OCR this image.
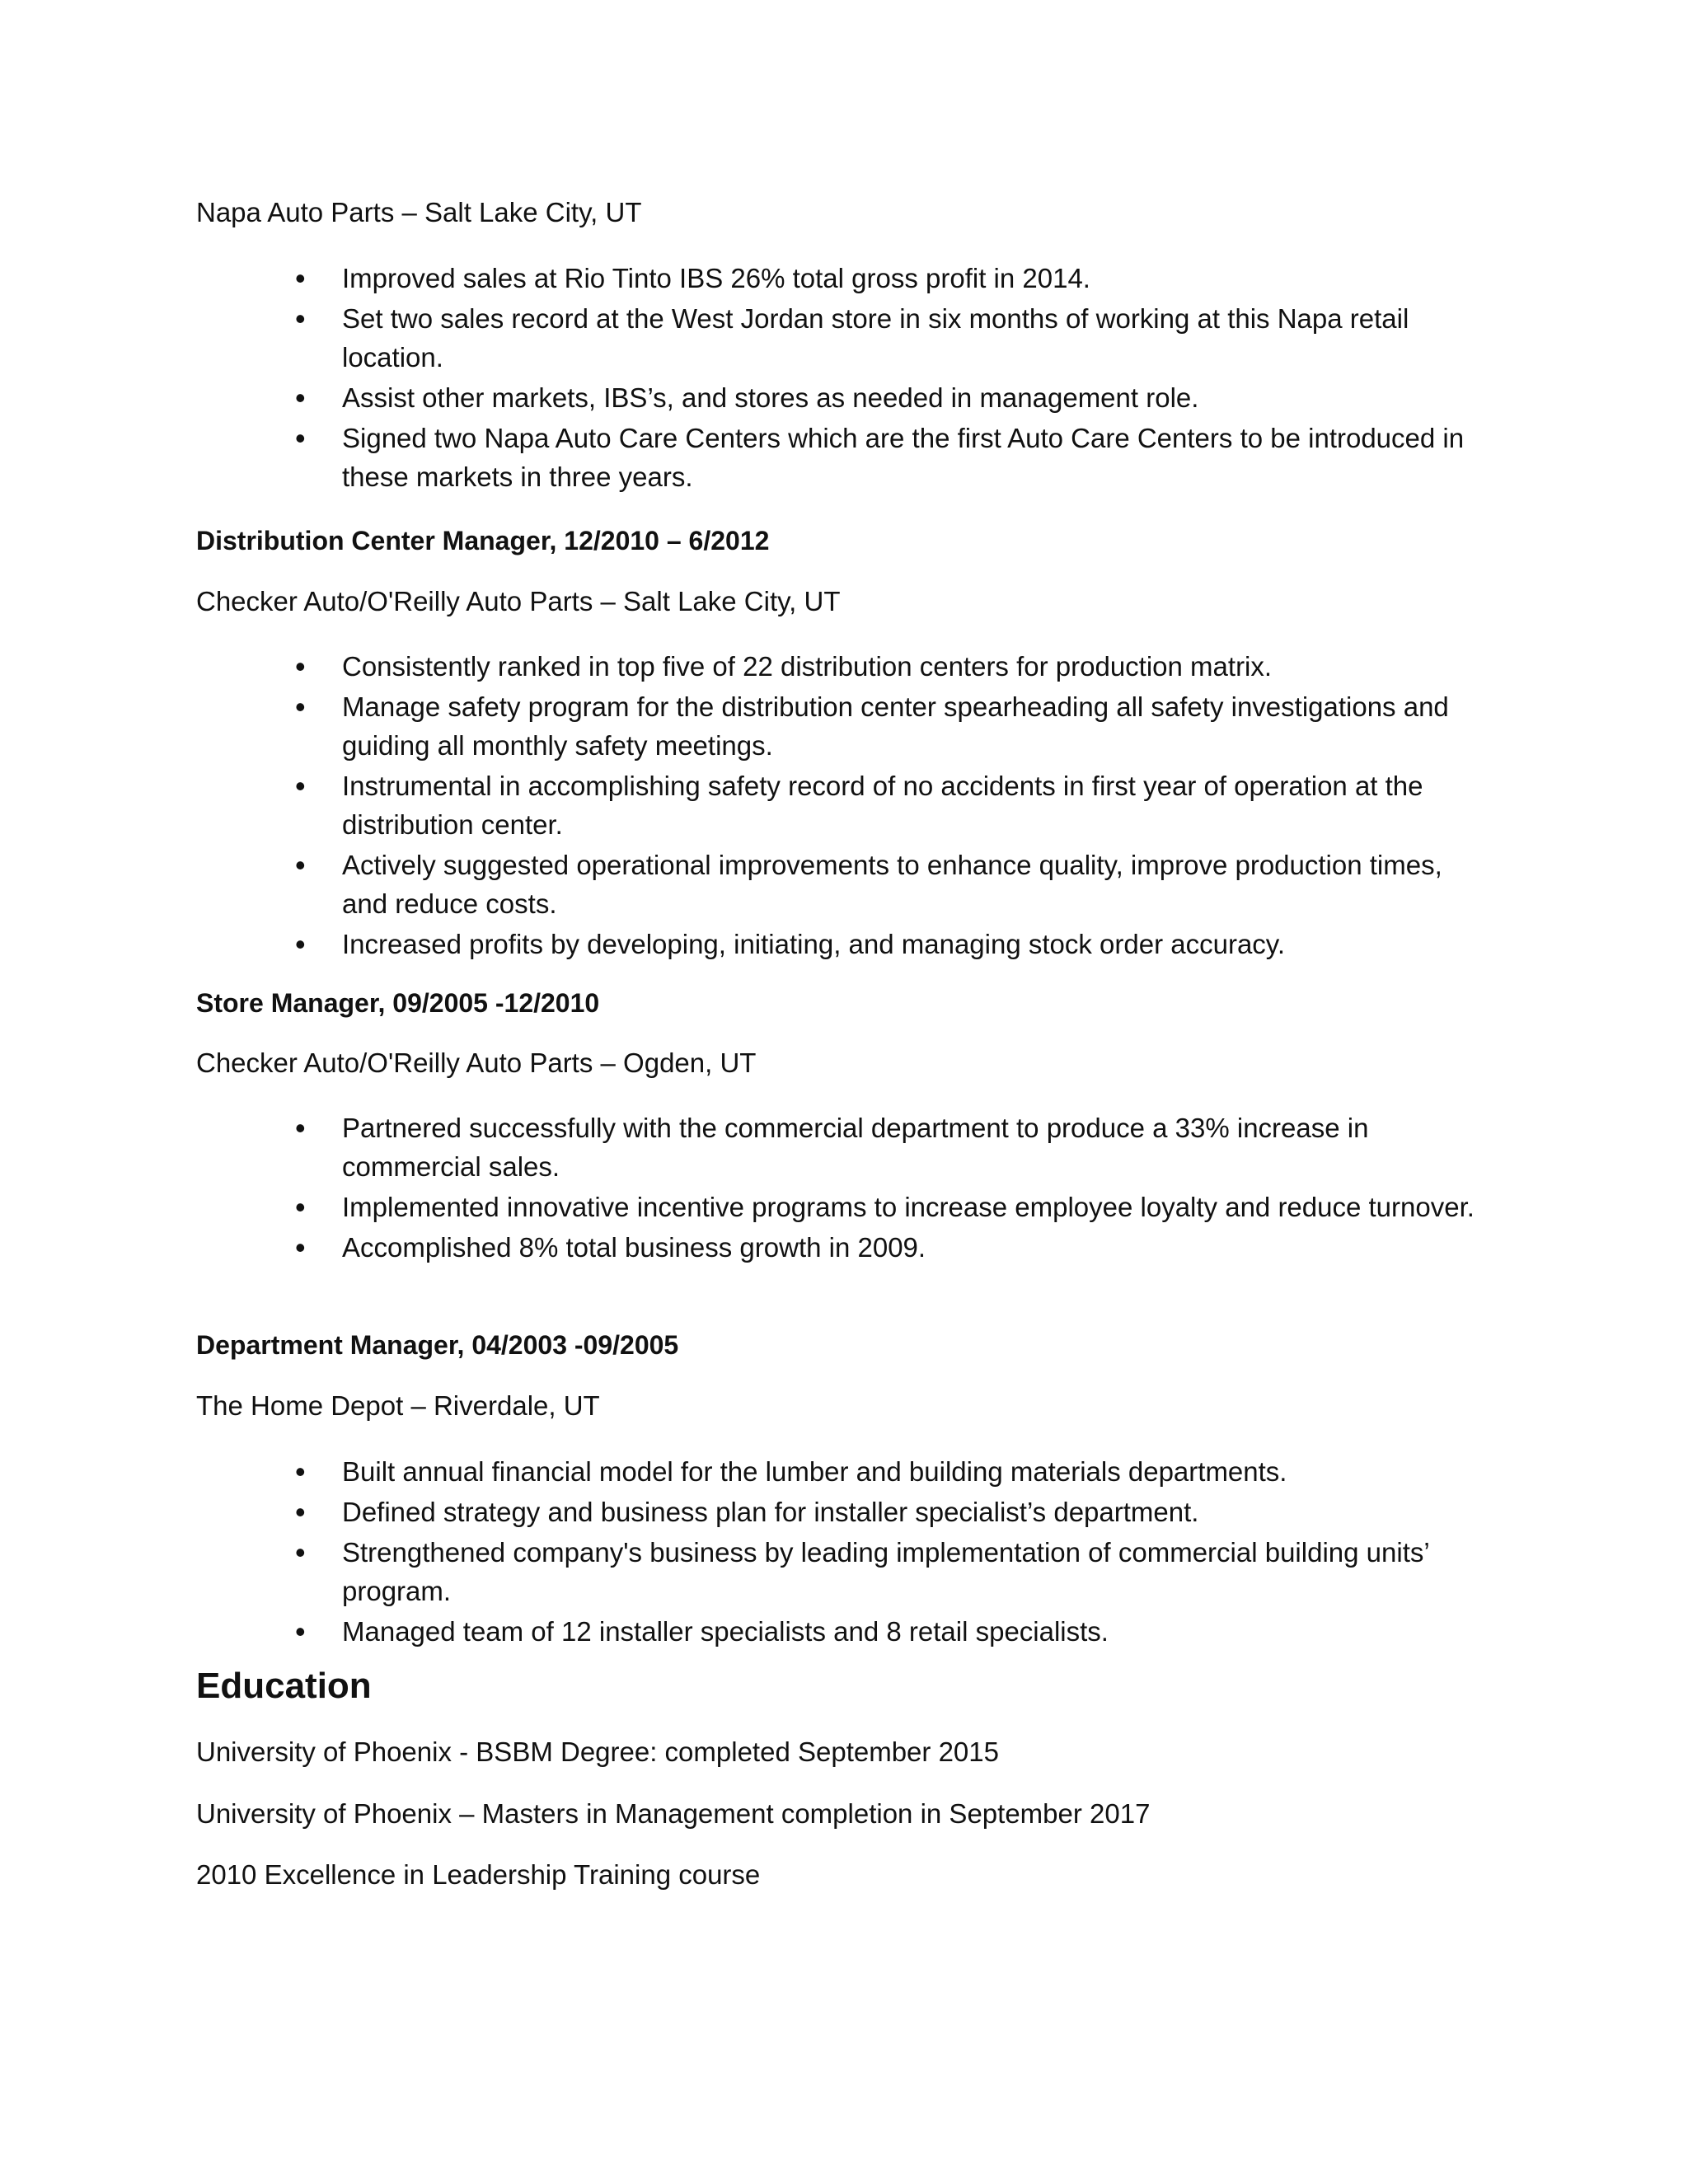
Napa Auto Parts – Salt Lake City, UT
• Improved sales at Rio Tinto IBS 26% total gross profit in 2014.
• Set two sales record at the West Jordan store in six months of working at this Napa retail location.
• Assist other markets, IBS’s, and stores as needed in management role.
• Signed two Napa Auto Care Centers which are the first Auto Care Centers to be introduced in these markets in three years.
Distribution Center Manager, 12/2010 – 6/2012
Checker Auto/O'Reilly Auto Parts – Salt Lake City, UT
• Consistently ranked in top five of 22 distribution centers for production matrix.
• Manage safety program for the distribution center spearheading all safety investigations and guiding all monthly safety meetings.
• Instrumental in accomplishing safety record of no accidents in first year of operation at the distribution center.
• Actively suggested operational improvements to enhance quality, improve production times, and reduce costs.
• Increased profits by developing, initiating, and managing stock order accuracy.
Store Manager, 09/2005 -12/2010
Checker Auto/O'Reilly Auto Parts – Ogden, UT
• Partnered successfully with the commercial department to produce a 33% increase in commercial sales.
• Implemented innovative incentive programs to increase employee loyalty and reduce turnover.
• Accomplished 8% total business growth in 2009.
Department Manager, 04/2003 -09/2005
The Home Depot – Riverdale, UT
• Built annual financial model for the lumber and building materials departments.
• Defined strategy and business plan for installer specialist’s department.
• Strengthened company's business by leading implementation of commercial building units’ program.
• Managed team of 12 installer specialists and 8 retail specialists.
Education
University of Phoenix - BSBM Degree: completed September 2015
University of Phoenix – Masters in Management completion in September 2017
2010 Excellence in Leadership Training course
